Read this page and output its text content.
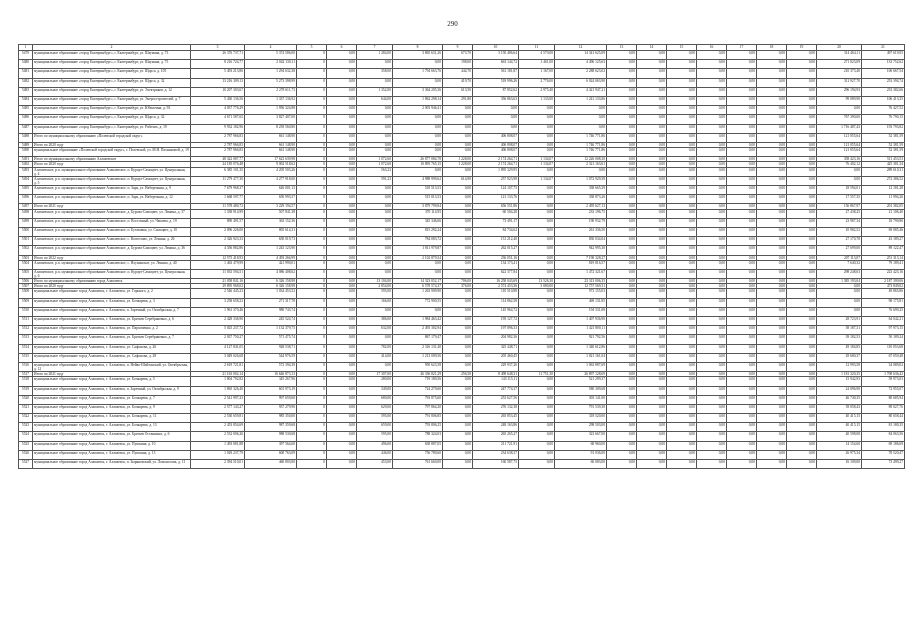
290
1	2	3	4	5	6	7	8	9	10	11	12	13	14	15	16	17	18	19	20	21
5479	муниципальное образование «город Екатеринбург», г. Екатеринбург, ул. Шаумяна, д. 73	26 376 737,71	5 374 586,00	0	0,00	1 284,00	3 865 631,26	673,70	3 150 486,64	4 570,00	14 341 625,09	0,00	0,00	0,00	0,00	0,00	0,00	0,00	314 464,11	497 619,05
5480	муниципальное образование «город Екатеринбург», г. Екатеринбург, ул. Шаумяна, д. 75	8 216 724,77	2 042 130,11	0	0,00	0,00	0,00	198,00	663 144,72	1 461,00	4 496 125,63	0,00	0,00	0,00	0,00	0,00	0,00	0,00	271 023,09	133 752,62
5481	муниципальное образование «город Екатеринбург», г. Екатеринбург, ул. Щорса, д. 105	5 493 213,86	1 294 632,38	0	0,00	358,00	1 794 663,76	444,70	561 181,87	1 167,00	2 288 623,02	0,00	0,00	0,00	0,00	0,00	0,00	0,00	210 373,40	106 667,54
5482	муниципальное образование «город Екатеринбург», г. Екатеринбург, ул. Щорса, д. 32	13 216 309,13	5 273 398,99	0	0,00	0,00	0,00	419,70	518 996,26	2 776,00	6 024 063,90	0,00	0,00	0,00	0,00	0,00	0,00	0,00	311 927,70	253 394,74
5483	муниципальное образование «город Екатеринбург», г. Екатеринбург, ул. Электриков, д. 12	10 207 303,67	2 278 611,73	0	0,00	1 352,00	3 364 205,36	613,50	87 852,62	2 975,40	4 421 947,21	0,00	0,00	0,00	0,00	0,00	0,00	0,00	296 194,93	233 382,66
5484	муниципальное образование «город Екатеринбург», г. Екатеринбург, ул. Энергостроителей, д. 7	5 430 136,56	1 337 136,92	0	0,00	644,00	1 862 298,14	291,80	356 863,63	1 133,00	1 241 133,86	0,00	0,00	0,00	0,00	0,00	0,00	0,00	99 089,90	106 413,35
5485	муниципальное образование «город Екатеринбург», г. Екатеринбург, ул. Юбилеина, д. 93	4 037 776,29	1 956 324,88	0	0,00	0,00	2 003 946,41	0,00	0,00	0,00	0,00	0,00	0,00	0,00	0,00	0,00	0,00	0,00	0,00	76 427,52
5486	муниципальное образование «город Екатеринбург», г. Екатеринбург, ул. Щорса, д. 32	4 671 587,65	3 827 407,00	0	0,00	0,00	0,00	0,00	0,00	0,00	0,00	0,00	0,00	0,00	0,00	0,00	0,00	0,00	767 390,00	76 790,15
5487	муниципальное образование «город Екатеринбург», г. Екатеринбург, ул. Рабочих, д. 19	9 932 182,96	8 239 560,80	0	0,00	0,00	0,00	0,00	0,00	0,00	0,00	0,00	0,00	0,00	0,00	0,00	0,00	0,00	1 716 487,43	193 793,82
5488	Итого по муниципальному образованию «Полевской городской округ»	2 787 966,83	661 148,90	0	0,00	0,00	0,00	0,00	406 808,07	0,00	1 746 771,86	0,00	0,00	0,00	0,00	0,00	0,00	0,00	121 055,64	52 381,59
5489	Итого по 2020 году	2 787 966,83	661 148,90	0	0,00	0,00	0,00	0,00	406 808,07	0,00	1 746 771,86	0,00	0,00	0,00	0,00	0,00	0,00	0,00	121 055,64	52 381,59
5490	муниципальное образование «Полевской городской округ», г. Полевской, ул. М.Н. Пасынковой, д. 19	2 787 966,83	661 148,90	0	0,00	0,00	0,00	0,00	406 808,07	0,00	1 746 771,86	0,00	0,00	0,00	0,00	0,00	0,00	0,00	121 055,64	52 381,59
5491	Итого по муниципальному образованию Алапаевское	48 322 087,77	17 623 639,98	0	0,00	1 072,60	26 877 084,78	1 228,00	2 174 264,71	1 134,07	12 226 008,30	0,00	0,00	0,00	0,00	0,00	0,00	0,00	358 423,16	511 453,53
5492	Итого по 2020 году	24 185 076,48	9 002 518,62	0	0,00	1 072,60	10 895 765,15	1 228,00	2 174 264,71	1 134,07	2 321 163,61	0,00	0,00	0,00	0,00	0,00	0,00	0,00	76 402,12	425 381,34
5493	Алапаевское, р.п. муниципальное образование Алапаевское, п. Курорт-Самоцвет, ул. Центральная, д. 4	6 385 101,35	4 205 503,26	0	0,00	563,23	0,00	0,00	1 895 329,95	0,00	0,00	0,00	0,00	0,00	0,00	0,00	0,00	0,00	0,00	289 610,31
5494	Алапаевское, р.п. муниципальное образование Алапаевское, п. Курорт-Самоцвет, ул. Центральная, д. 5	11 279 477,30	4 277 918,00	0	0,00	591,23	4 988 999,62	614,90	257 923,98	1 134,07	1 072 929,58	0,00	0,00	0,00	0,00	0,00	0,00	0,00	0,00	272 386,52
5495	Алапаевское, р.п. муниципальное образование Алапаевское, п. Заря, ул. Набережная, д. 9	7 679 968,37	626 001,13	0	0,00	0,00	518 513,53	0,00	124 107,75	0,00	338 665,29	0,00	0,00	0,00	0,00	0,00	0,00	0,00	18 594,01	12 181,28
5496	Алапаевское, р.п. муниципальное образование Алапаевское, п. Заря, ул. Набережная, д. 12	1 668 597,77	650 993,57	0	0,00	0,00	515 013,53	0,00	121 133,76	0,00	338 873,26	0,00	0,00	0,00	0,00	0,00	0,00	0,00	17 557,35	11 994,26
5497	Итого по 2021 году	11 578 480,72	3 229 194,57	0	0,00	0,00	3 879 799,84	0,00	656 551,86	0,00	2 495 627,13	0,00	0,00	0,00	0,00	0,00	0,00	0,00	156 867,97	201 382,05
5498	Алапаевское, р.п. муниципальное образование Алапаевское, д. Бурова-Самоцвет, ул. Ленина, д. 37	1 338 914,99	507 841,38	0	0,00	0,00	370 114,95	0,00	60 504,28	0,00	233 196,75	0,00	0,00	0,00	0,00	0,00	0,00	0,00	27 438,25	21 106,40
5499	Алапаевское, р.п. муниципальное образование Алапаевское, п. Восточный, ул. Чапаева, д. 19	890 491,57	363 152,36	0	0,00	0,00	345 346,66	0,00	73 491,17	0,00	190 932,79	0,00	0,00	0,00	0,00	0,00	0,00	0,00	23 987,34	18 790,86
5500	Алапаевское, р.п. муниципальное образование Алапаевское, п. Бутаковка, ул. Самоцвет, д. 10	2 096 226,00	805 614,31	0	0,00	0,00	815 292,24	0,00	84 734,62	0,00	261 336,50	0,00	0,00	0,00	0,00	0,00	0,00	0,00	10 982,52	69 085,46
5501	Алапаевское, р.п. муниципальное образование Алапаевское, с. Коптелово, ул. Ленина, д. 26	2 326 923,33	650 019,73	0	0,00	0,00	784 083,72	0,00	131 212,40	0,00	830 034,84	0,00	0,00	0,00	0,00	0,00	0,00	0,00	27 170,78	43 189,27
5502	Алапаевское, р.п. муниципальное образование Алапаевское, д. Бурова-Самоцвет, ул. Ленина, д. 36	4 356 882,86	1 243 123,90	0	0,00	0,00	1 811 979,87	0,00	262 015,27	0,00	942 995,30	0,00	0,00	0,00	0,00	0,00	0,00	0,00	27 699,00	89 122,47
5503	Итого по 2022 году	12 575 418,93	4 493 266,99	0	0,00	0,00	2 102 879,54	0,00	236 051,16	0,00	7 190 328,27	0,00	0,00	0,00	0,00	0,00	0,00	0,00	207 113,07	251 313,14
5504	Алапаевское, р.п. муниципальное образование Алапаевское, с. Ялунинское, ул. Ленина, д. 40	1 463 479,99	421 990,01	0	0,00	0,00	0,00	0,00	134 173,41	0,00	819 816,57	0,00	0,00	0,00	0,00	0,00	0,00	0,00	7 640,32	79 189,41
5505	Алапаевское, р.п. муниципальное образование Алапаевское, п. Курорт-Самоцвет, ул. Центральная, д. 6	11 033 594,51	4 086 408,62	0	0,00	0,00	0,00	0,00	622 377,84	0,00	1 472 321,67	0,00	0,00	0,00	0,00	0,00	0,00	0,00	298 248,63	223 423,16
5506	Итого по муниципальному образованию город Алапаевск	21 058 841,16	6 326 158,98	0	0,00	13 104,00	14 323 052,17	706,00	16 258 043,69	13 526,30	23 313 006,35	0,00	0,00	0,00	0,00	0,00	0,00	0,00	1 385 193,04	2 187 399,06
5507	Итого по 2020 году	29 895 968,02	6 326 158,98	0	0,00	2 854,00	6 578 574,37	376,00	2 574 453,36	3 080,00	12 757 569,31	0,00	0,00	0,00	0,00	0,00	0,00	0,00	0,00	473 849,02
5508	муниципальное образование город Алапаевск, г. Алапаевск, ул. Горького, д. 2	2 546 445,23	1 034 453,52	0	0,00	595,00	1 263 909,90	0,00	110 510,88	0,00	973 155,03	0,00	0,00	0,00	0,00	0,00	0,00	0,00	0,00	49 865,86
5509	муниципальное образование город Алапаевск, г. Алапаевск, ул. Бочкарева, д. 3	3 258 658,23	271 317,78	0	0,00	166,00	772 900,55	0,00	114 862,58	0,00	469 131,85	0,00	0,00	0,00	0,00	0,00	0,00	0,00	0,00	98 175,81
5510	муниципальное образование город Алапаевск, г. Алапаевск, п. Заречный, ул. Октябрьская, д. 7	1 961 370,46	980 743,74	0	0,00	0,00	0,00	0,00	145 964,72	0,00	194 331,08	0,00	0,00	0,00	0,00	0,00	0,00	0,00	0,00	76 699,25
5511	муниципальное образование город Алапаевск, г. Алапаевск, ул. Братьев Серебряковых, д. 6	2 428 336,90	245 524,74	0	0,00	386,00	1 984 463,42	0,00	195 127,72	0,00	1 407 936,90	0,00	0,00	0,00	0,00	0,00	0,00	0,00	28 723,91	64 042,21
5512	муниципальное образование город Алапаевск, г. Алапаевск, ул. Пархоменко, д. 2	5 025 237,72	1 132 379,75	0	0,00	632,00	2 493 302,94	0,00	197 096,33	0,00	1 421 800,11	0,00	0,00	0,00	0,00	0,00	0,00	0,00	58 187,31	97 973,15
5513	муниципальное образование город Алапаевск, г. Алапаевск, ул. Братьев Серебряковых, д. 7	2 037 750,27	571 475,74	0	0,00	0,00	867 179,47	0,00	204 982,36	0,00	921 792,56	0,00	0,00	0,00	0,00	0,00	0,00	0,00	39 182,53	50 189,24
5514	муниципальное образование город Алапаевск, г. Алапаевск, ул. Сафонова, д. 26	4 127 841,05	928 538,71	0	0,00	782,00	2 316 131,40	0,00	325 448,71	0,00	1 340 612,86	0,00	0,00	0,00	0,00	0,00	0,00	0,00	49 184,85	110 053,68
5515	муниципальное образование город Алапаевск, г. Алапаевск, ул. Сафонова, д. 28	3 049 026,68	544 976,59	0	0,00	414,00	1 213 009,56	0,00	205 460,45	0,00	1 021 161,04	0,00	0,00	0,00	0,00	0,00	0,00	0,00	29 680,37	67 059,48
5516	муниципальное образование город Алапаевск, г. Алапаевск, п. Нейво-Шайтанский, ул. Октябрьская, д. 12	2 619 721,81	572 394,39	0	0,00	0,00	950 623,58	0,00	229 937,26	0,00	1 063 887,69	0,00	0,00	0,00	0,00	0,00	0,00	0,00	12 993,58	34 089,02
5517	Итого по 2021 году	21 163 002,14	16 646 873,13	0	0,00	17 307,00	46 336 821,29	256,50	8 498 648,31	11 751,30	26 897 128,69	0,00	0,00	0,00	0,00	0,00	0,00	0,00	1 181 320,35	1 708 636,42
5518	муниципальное образование город Алапаевск, г. Алапаевск, ул. Бочкарева, д. 5	1 804 792,82	345 267,96	0	0,00	280,00	719 180,56	0,00	143 115,11	0,00	521 299,37	0,00	0,00	0,00	0,00	0,00	0,00	0,00	15 942,93	59 973,03
5519	муниципальное образование город Алапаевск, г. Алапаевск, п. Заречный, ул. Октябрьская, д. 9	1 865 326,40	601 973,19	0	0,00	349,00	724 279,60	0,00	247 774,37	0,00	580 309,68	0,00	0,00	0,00	0,00	0,00	0,00	0,00	24 096,90	72 955,07
5520	муниципальное образование город Алапаевск, г. Алапаевск, ул. Бочкарева, д. 7	2 541 997,23	997 659,60	0	0,00	680,00	793 875,60	0,00	253 627,56	0,00	303 141,00	0,00	0,00	0,00	0,00	0,00	0,00	0,00	46 740,35	80 685,94
5521	муниципальное образование город Алапаевск, г. Алапаевск, ул. Бочкарева, д. 9	2 577 143,27	937 279,90	0	0,00	629,00	797 864,20	0,00	276 132,38	0,00	791 539,30	0,00	0,00	0,00	0,00	0,00	0,00	0,00	39 058,43	89 027,76
5522	муниципальное образование город Алапаевск, г. Алапаевск, ул. Бочкарева, д. 11	2 530 659,81	985 350,00	0	0,00	595,00	791 806,85	0,00	265 853,45	0,00	318 520,00	0,00	0,00	0,00	0,00	0,00	0,00	0,00	40 415,15	80 658,44
5523	муниципальное образование город Алапаевск, г. Алапаевск, ул. Бочкарева, д. 13	2 453 854,69	987 359,68	0	0,00	659,00	793 806,25	0,00	248 163,86	0,00	298 503,00	0,00	0,00	0,00	0,00	0,00	0,00	0,00	40 415,15	81 180,35
5524	муниципальное образование город Алапаевск, г. Алапаевск, ул. Братьев Останиных, д. 6	2 532 006,26	988 530,68	0	0,00	595,00	788 324,03	0,00	265 265,27	0,00	323 667,00	0,00	0,00	0,00	0,00	0,00	0,00	0,00	40 598,08	84 063,56
5525	муниципальное образование город Алапаевск, г. Алапаевск, ул. Пушкина, д. 10	1 493 081,88	397 564,60	0	0,00	496,00	638 887,05	0,00	211 721,91	0,00	68 960,00	0,00	0,00	0,00	0,00	0,00	0,00	0,00	14 154,60	69 186,69
5526	муниципальное образование город Алапаевск, г. Алапаевск, ул. Пушкина, д. 13	1 029 237,79	600 763,09	0	0,00	446,00	756 780,60	0,00	234 638,37	0,00	91 036,00	0,00	0,00	0,00	0,00	0,00	0,00	0,00	26 975,34	78 520,47
5527	муниципальное образование город Алапаевск, г. Алапаевск, п. Зыряновский, ул. Ломоносова, д. 11	2 394 510,01	460 803,00	0	0,00	453,00	761 660,00	0,00	160 587,75	0,00	60 083,00	0,00	0,00	0,00	0,00	0,00	0,00	0,00	16 109,00	73 499,27
